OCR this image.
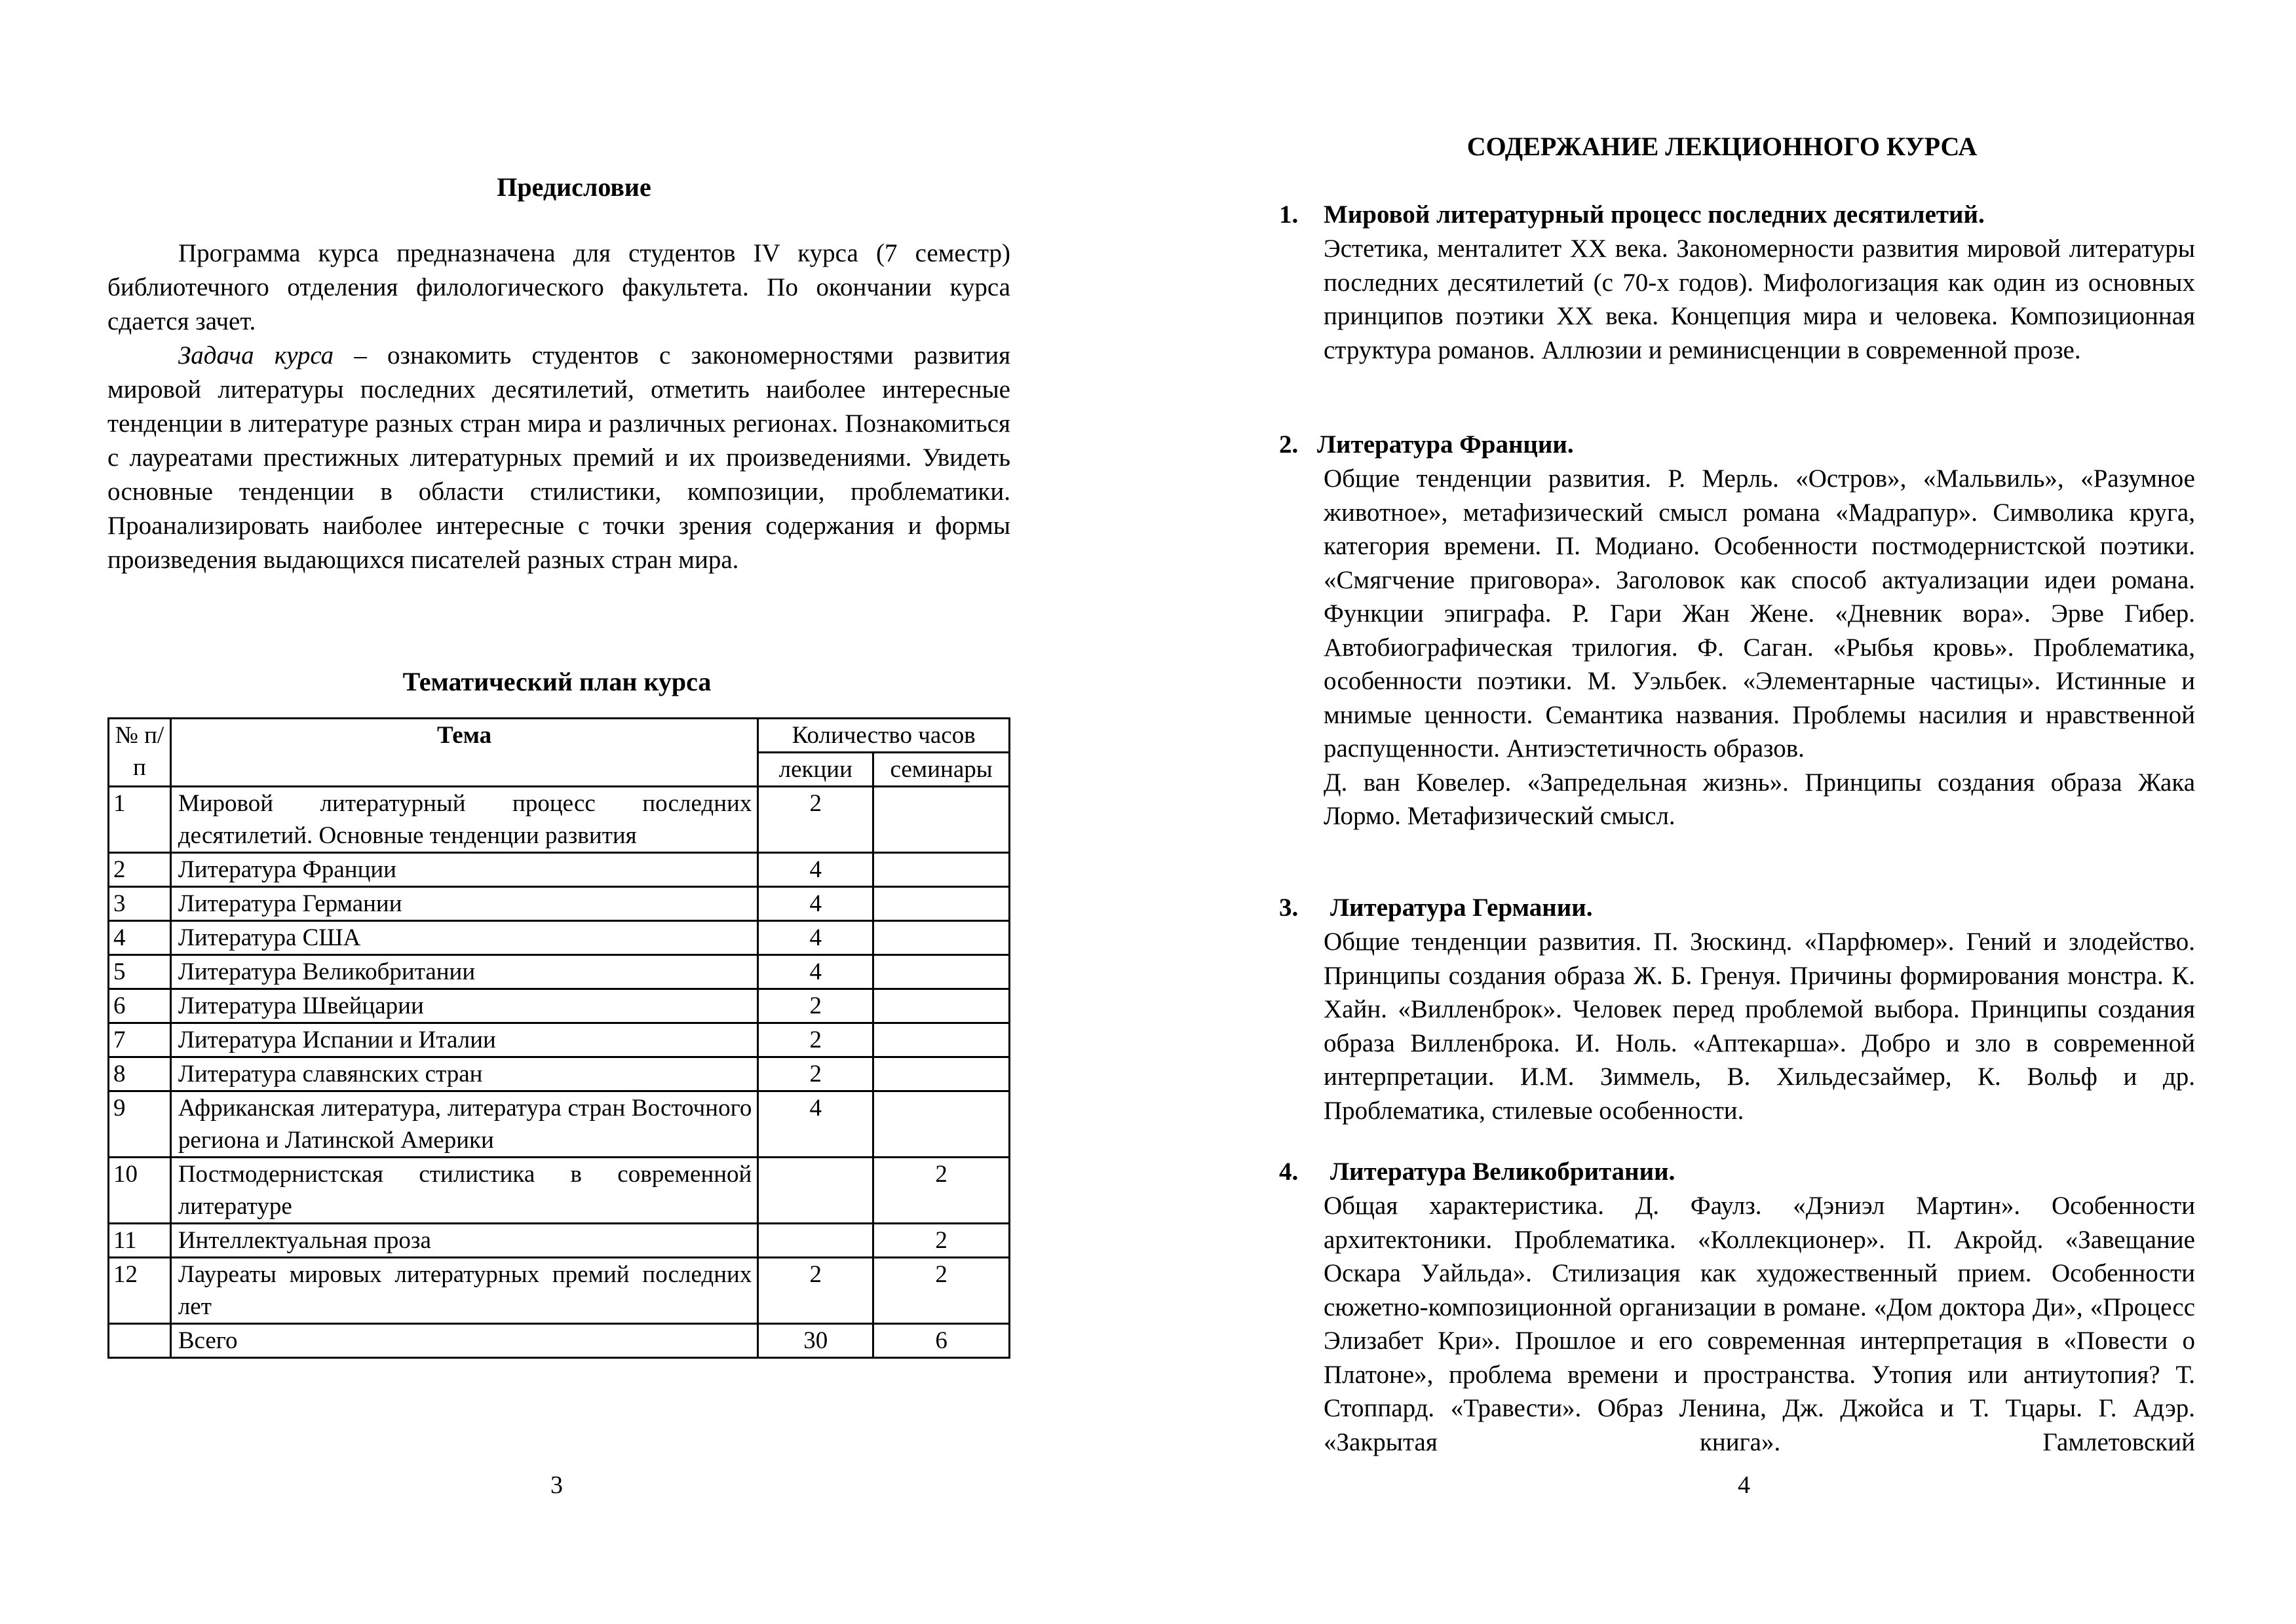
Предисловие
Программа курса предназначена для студентов IV курса (7 семестр) библиотечного отделения филологического факультета. По окончании курса сдается зачет.
Задача курса – ознакомить студентов с закономерностями развития мировой литературы последних десятилетий, отметить наиболее интересные тенденции в литературе разных стран мира и различных регионах. Познакомиться с лауреатами престижных литературных премий и их произведениями. Увидеть основные тенденции в области стилистики, композиции, проблематики. Проанализировать наиболее интересные с точки зрения содержания и формы произведения выдающихся писателей разных стран мира.
Тематический план курса
№ п/п	Тема	Количество часов	
		лекции	семинары
1	Мировой литературный процесс последних десятилетий. Основные тенденции развития	2	
2	Литература Франции	4	
3	Литература Германии	4	
4	Литература США	4	
5	Литература Великобритании	4	
6	Литература Швейцарии	2	
7	Литература Испании и Италии	2	
8	Литература славянских стран	2	
9	Африканская литература, литература стран Восточного региона и Латинской Америки	4	
10	Постмодернистская стилистика в современной литературе		2
11	Интеллектуальная проза		2
12	Лауреаты мировых литературных премий последних лет	2	2
	Всего	30	6
3
СОДЕРЖАНИЕ ЛЕКЦИОННОГО КУРСА
1. Мировой литературный процесс последних десятилетий.
Эстетика, менталитет XX века. Закономерности развития мировой литературы последних десятилетий (с 70-х годов). Мифологизация как один из основных принципов поэтики XX века. Концепция мира и человека. Композиционная структура романов. Аллюзии и реминисценции в современной прозе.
2. Литература Франции.
Общие тенденции развития. Р. Мерль. «Остров», «Мальвиль», «Разумное животное», метафизический смысл романа «Мадрапур». Символика круга, категория времени. П. Модиано. Особенности постмодернистской поэтики. «Смягчение приговора». Заголовок как способ актуализации идеи романа. Функции эпиграфа. Р. Гари Жан Жене. «Дневник вора». Эрве Гибер. Автобиографическая трилогия. Ф. Саган. «Рыбья кровь». Проблематика, особенности поэтики. М. Уэльбек. «Элементарные частицы». Истинные и мнимые ценности. Семантика названия. Проблемы насилия и нравственной распущенности. Антиэстетичность образов.
Д. ван Ковелер. «Запредельная жизнь». Принципы создания образа Жака Лормо. Метафизический смысл.
3. Литература Германии.
Общие тенденции развития. П. Зюскинд. «Парфюмер». Гений и злодейство. Принципы создания образа Ж. Б. Гренуя. Причины формирования монстра. К. Хайн. «Вилленброк». Человек перед проблемой выбора. Принципы создания образа Вилленброка. И. Ноль. «Аптекарша». Добро и зло в современной интерпретации. И.М. Зиммель, В. Хильдесзаймер, К. Вольф и др. Проблематика, стилевые особенности.
4. Литература Великобритании.
Общая характеристика. Д. Фаулз. «Дэниэл Мартин». Особенности архитектоники. Проблематика. «Коллекционер». П. Акройд. «Завещание Оскара Уайльда». Стилизация как художественный прием. Особенности сюжетно-композиционной организации в романе. «Дом доктора Ди», «Процесс Элизабет Кри». Прошлое и его современная интерпретация в «Повести о Платоне», проблема времени и пространства. Утопия или антиутопия? Т. Стоппард. «Травести». Образ Ленина, Дж. Джойса и Т. Тцары. Г. Адэр. «Закрытая книга». Гамлетовский
4
